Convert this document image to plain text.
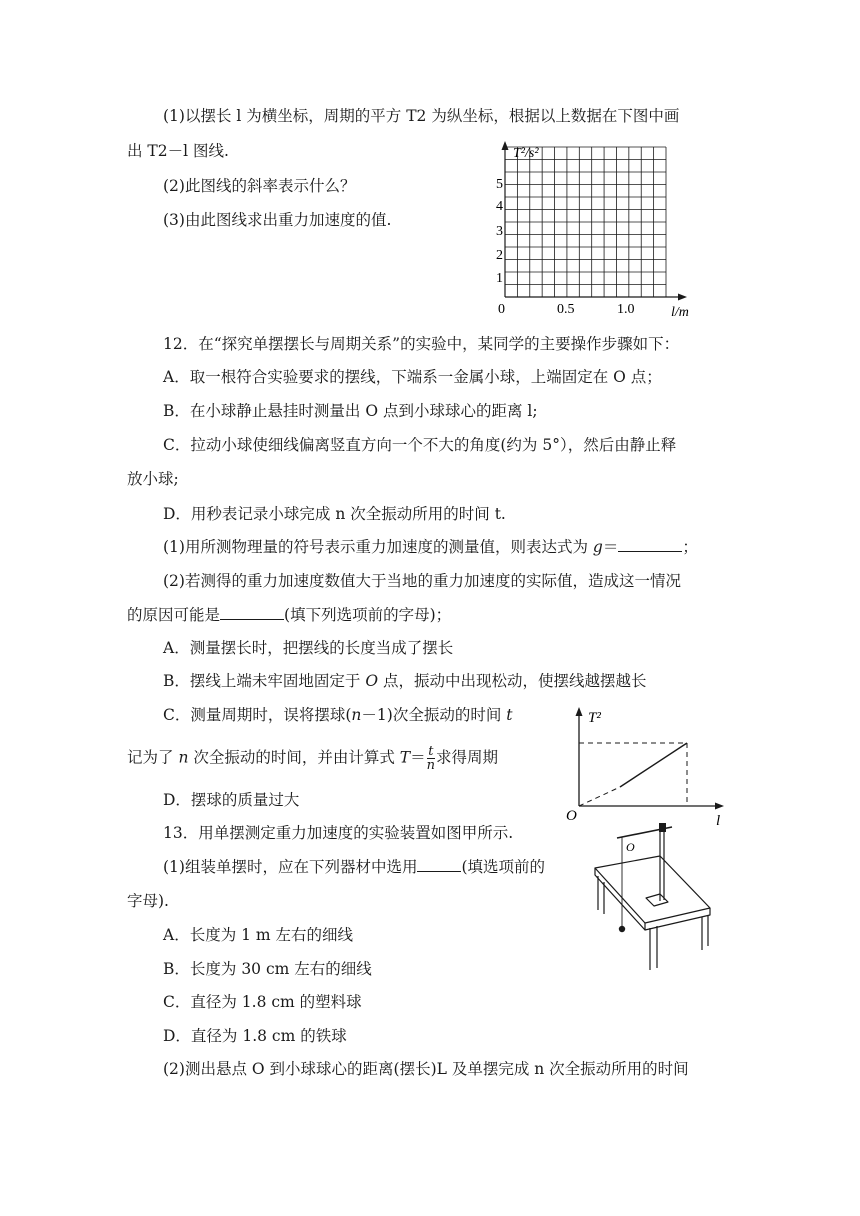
(1)以摆长 l 为横坐标，周期的平方 T2 为纵坐标，根据以上数据在下图中画
出 T2－l 图线.
(2)此图线的斜率表示什么？
(3)由此图线求出重力加速度的值.
T²/s²
l/m
0	0.5	1.0
1
2
3
4
5
12．在“探究单摆摆长与周期关系”的实验中，某同学的主要操作步骤如下：
A．取一根符合实验要求的摆线，下端系一金属小球，上端固定在 O 点；
B．在小球静止悬挂时测量出 O 点到小球球心的距离 l;
C．拉动小球使细线偏离竖直方向一个不大的角度(约为 5°），然后由静止释
放小球;
D．用秒表记录小球完成 n 次全振动所用的时间 t.
(1)用所测物理量的符号表示重力加速度的测量值，则表达式为 g＝	；
(2)若测得的重力加速度数值大于当地的重力加速度的实际值，造成这一情况
的原因可能是	(填下列选项前的字母)；
A．测量摆长时，把摆线的长度当成了摆长
B．摆线上端未牢固地固定于 O 点，振动中出现松动，使摆线越摆越长
C．测量周期时，误将摆球(n－1)次全振动的时间 t
记为了 n 次全振动的时间，并由计算式 $T= \frac{t}{n}$ 求得周期
D．摆球的质量过大
T²
l
O
13．用单摆测定重力加速度的实验装置如图甲所示.
(1)组装单摆时，应在下列器材中选用	(填选项前的
字母).
A．长度为 1 m 左右的细线
B．长度为 30 cm 左右的细线
C．直径为 1.8 cm 的塑料球
D．直径为 1.8 cm 的铁球
(2)测出悬点 O 到小球球心的距离(摆长)L 及单摆完成 n 次全振动所用的时间
O
